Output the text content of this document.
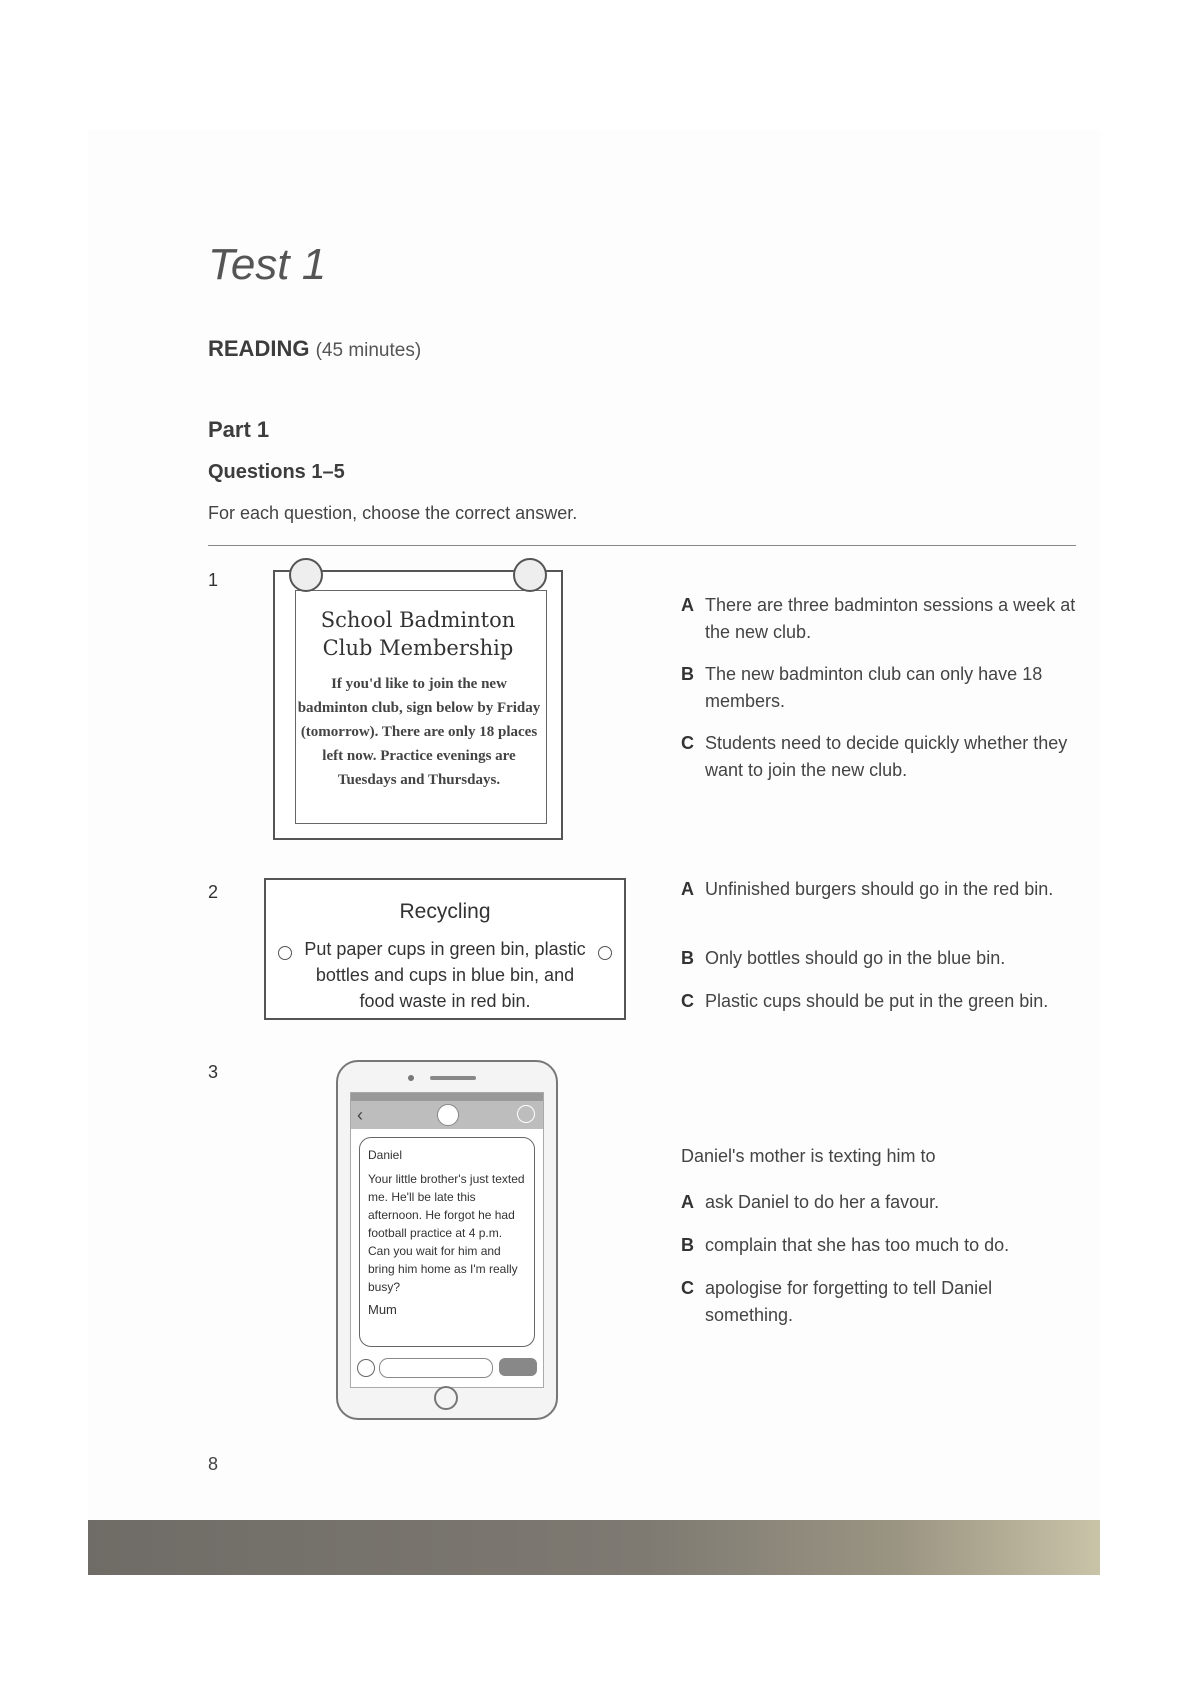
Test 1
READING (45 minutes)
Part 1
Questions 1–5
For each question, choose the correct answer.
1
School Badminton
Club Membership
If you'd like to join the new badminton club, sign below by Friday (tomorrow). There are only 18 places left now. Practice evenings are Tuesdays and Thursdays.
A There are three badminton sessions a week at the new club.
B The new badminton club can only have 18 members.
C Students need to decide quickly whether they want to join the new club.
2
Recycling
Put paper cups in green bin, plastic bottles and cups in blue bin, and food waste in red bin.
A Unfinished burgers should go in the red bin.
B Only bottles should go in the blue bin.
C Plastic cups should be put in the green bin.
3
‹
Daniel
Your little brother's just texted me. He'll be late this afternoon. He forgot he had football practice at 4 p.m. Can you wait for him and bring him home as I'm really busy?
Mum
Daniel's mother is texting him to
A ask Daniel to do her a favour.
B complain that she has too much to do.
C apologise for forgetting to tell Daniel something.
8
